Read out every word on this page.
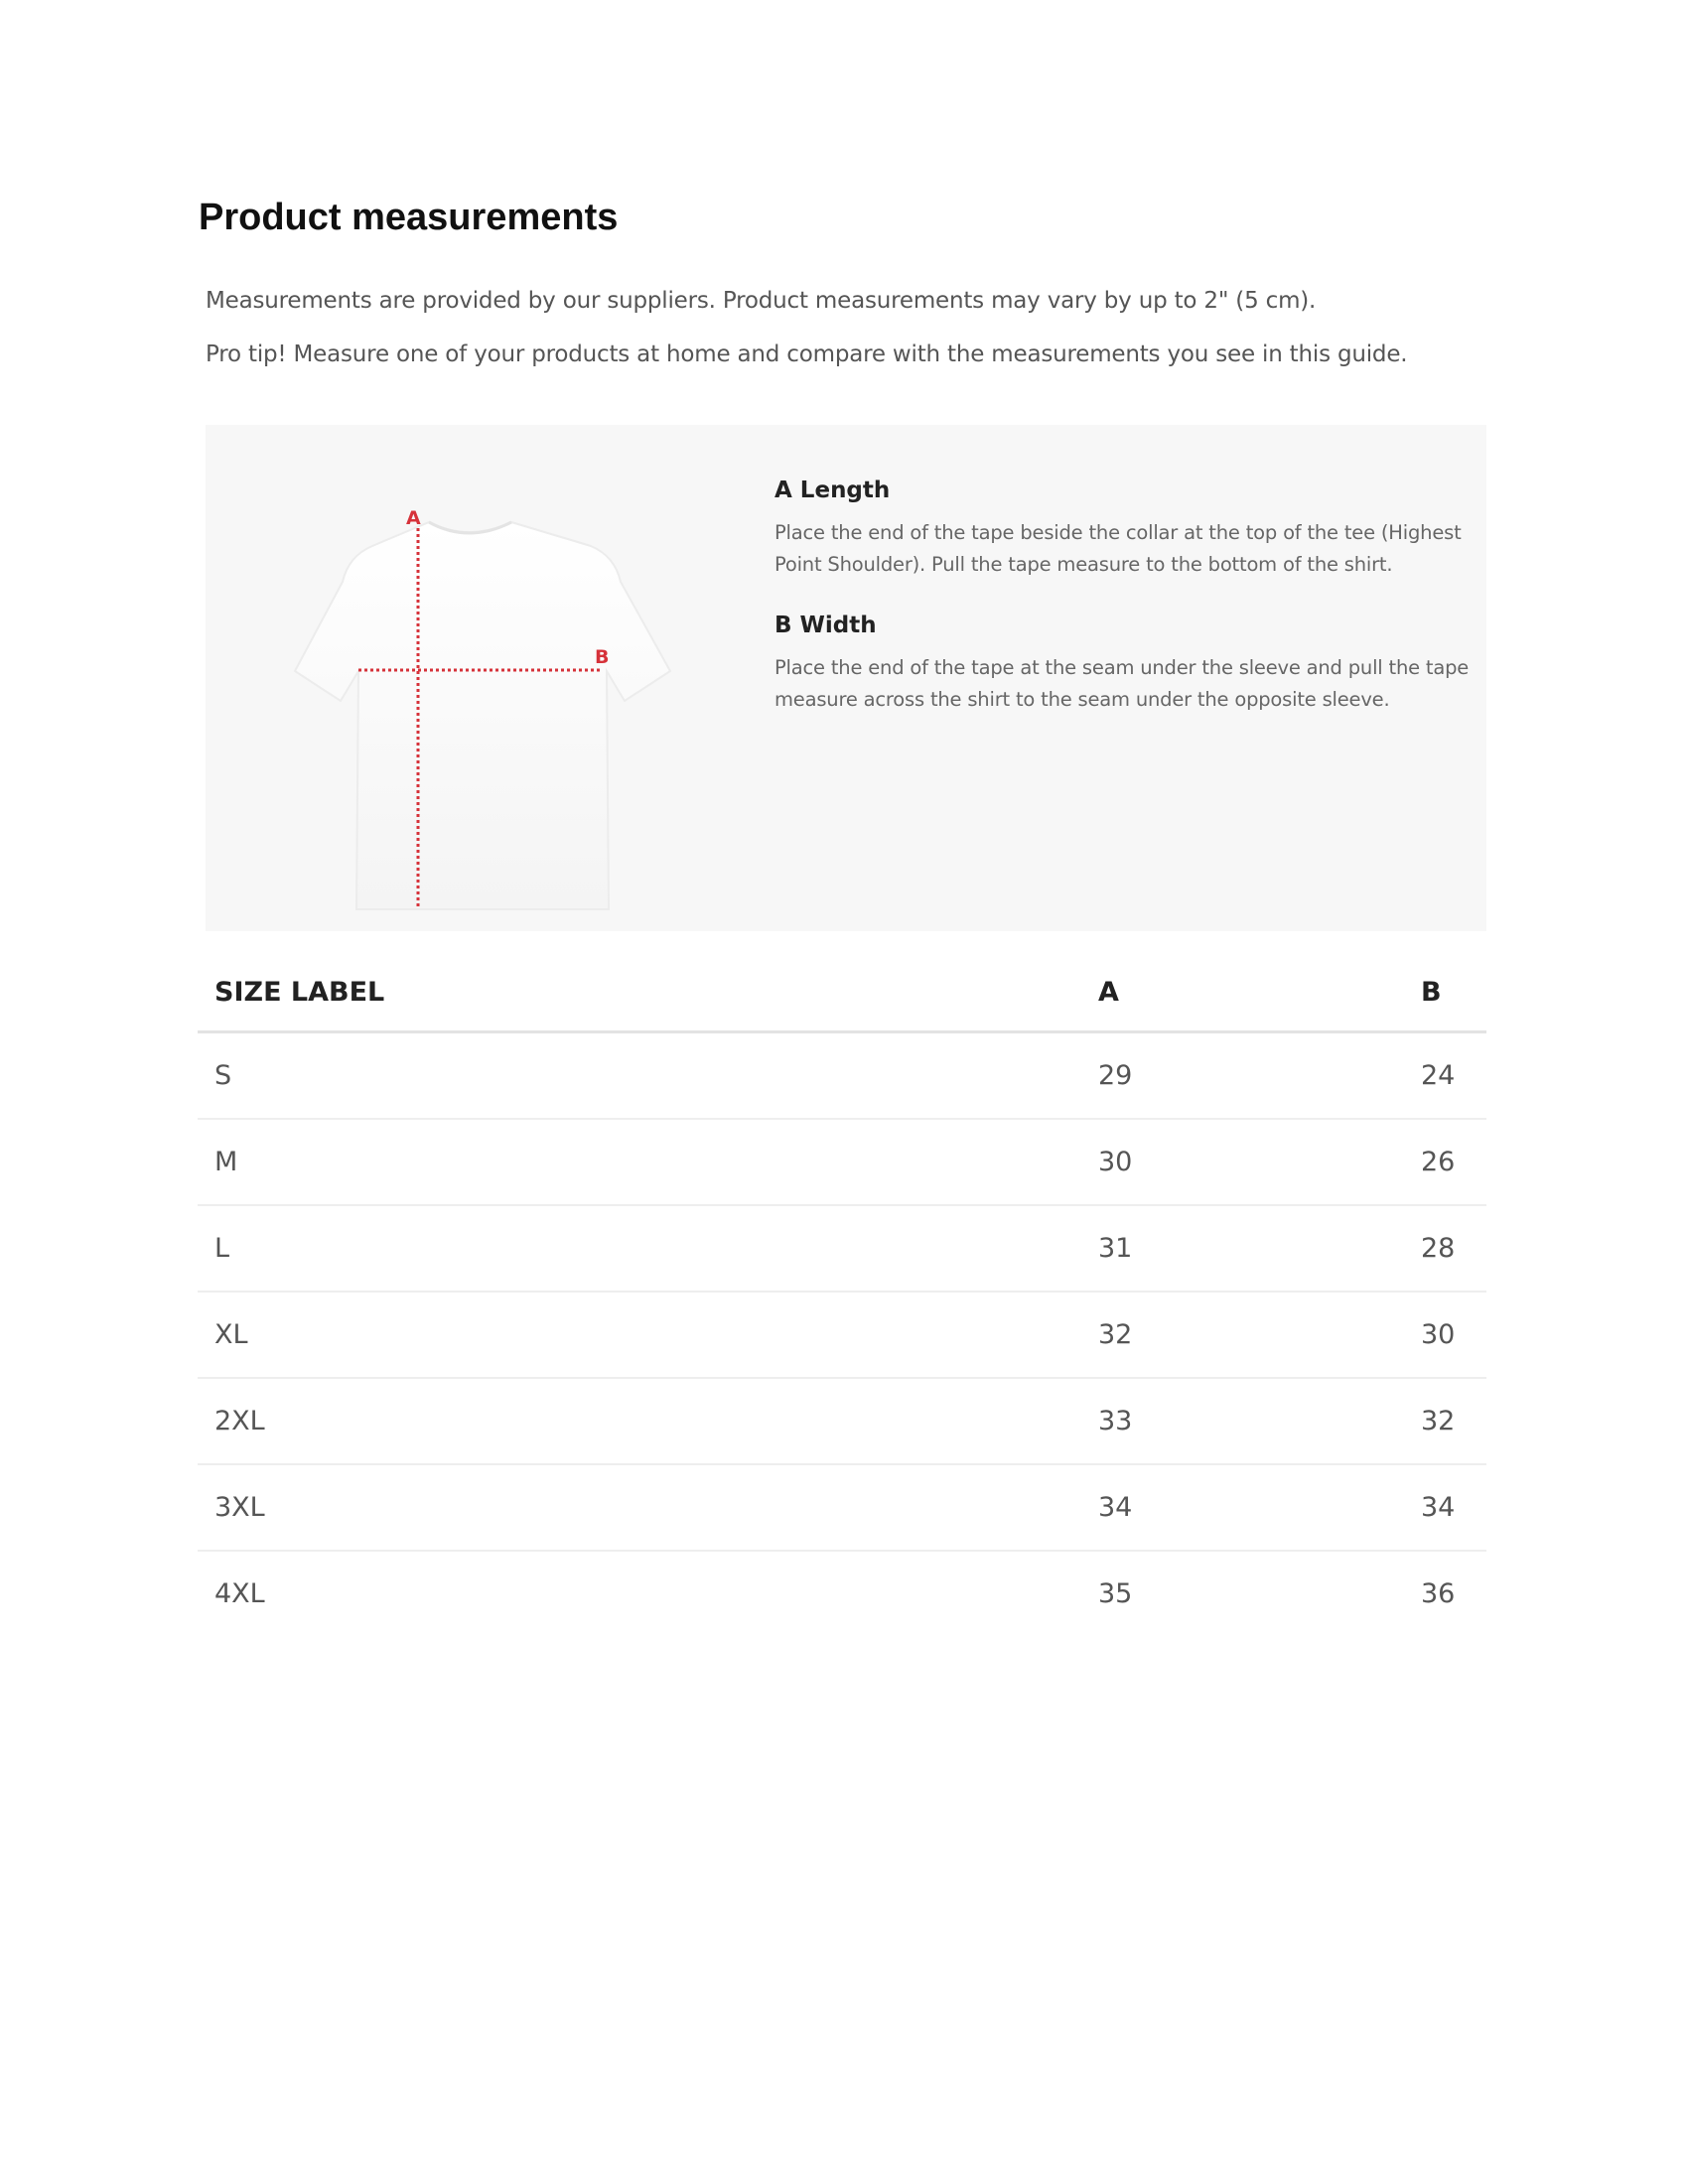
Product measurements

Measurements are provided by our suppliers. Product measurements may vary by up to 2" (5 cm).

Pro tip! Measure one of your products at home and compare with the measurements you see in this guide.

A
B
A Length

Place the end of the tape beside the collar at the top of the tee (Highest Point Shoulder). Pull the tape measure to the bottom of the shirt.

B Width

Place the end of the tape at the seam under the sleeve and pull the tape measure across the shirt to the seam under the opposite sleeve.

SIZE LABEL	A	B
S	29	24
M	30	26
L	31	28
XL	32	30
2XL	33	32
3XL	34	34
4XL	35	36
